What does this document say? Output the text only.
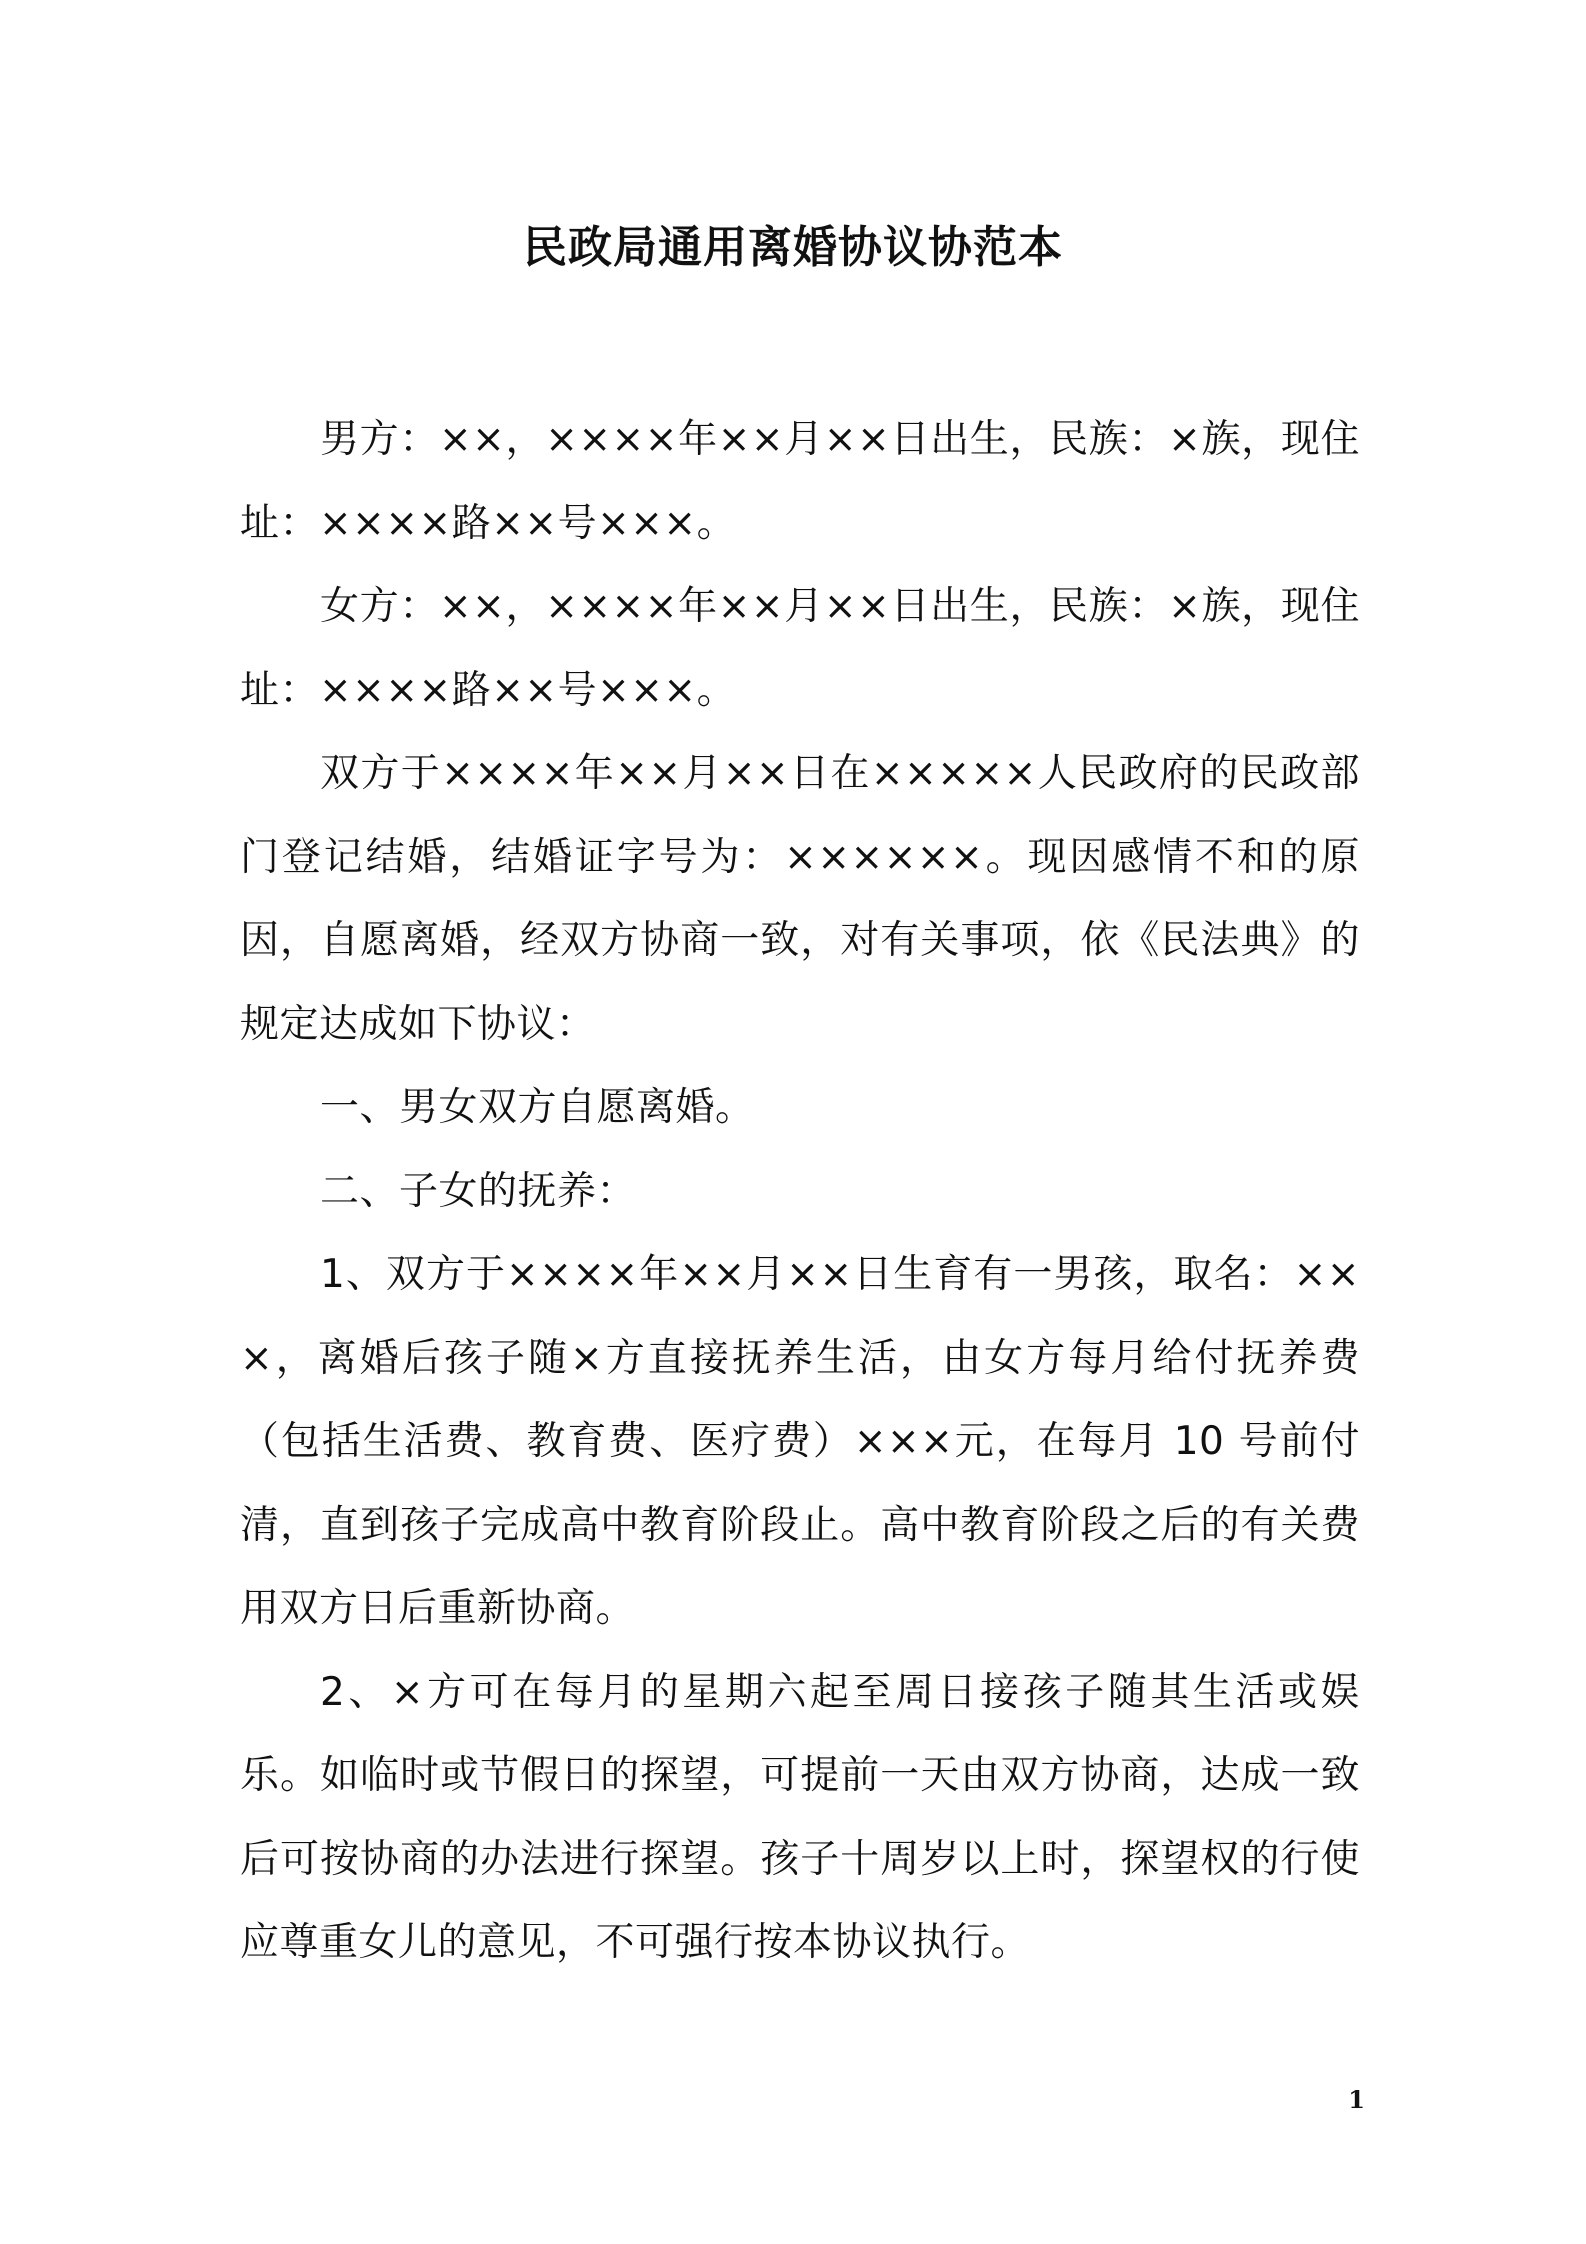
民政局通用离婚协议协范本

男方：××，××××年××月××日出生，民族：×族，现住址：××××路××号×××。

女方：××，××××年××月××日出生，民族：×族，现住址：××××路××号×××。

双方于××××年××月××日在×××××人民政府的民政部门登记结婚，结婚证字号为：××××××。现因感情不和的原因，自愿离婚，经双方协商一致，对有关事项，依《民法典》的规定达成如下协议：

一、男女双方自愿离婚。

二、子女的抚养：

1、双方于××××年××月××日生育有一男孩，取名：×××，离婚后孩子随×方直接抚养生活，由女方每月给付抚养费（包括生活费、教育费、医疗费）×××元，在每月 10 号前付清，直到孩子完成高中教育阶段止。高中教育阶段之后的有关费用双方日后重新协商。

2、×方可在每月的星期六起至周日接孩子随其生活或娱乐。如临时或节假日的探望，可提前一天由双方协商，达成一致后可按协商的办法进行探望。孩子十周岁以上时，探望权的行使应尊重女儿的意见，不可强行按本协议执行。

1
